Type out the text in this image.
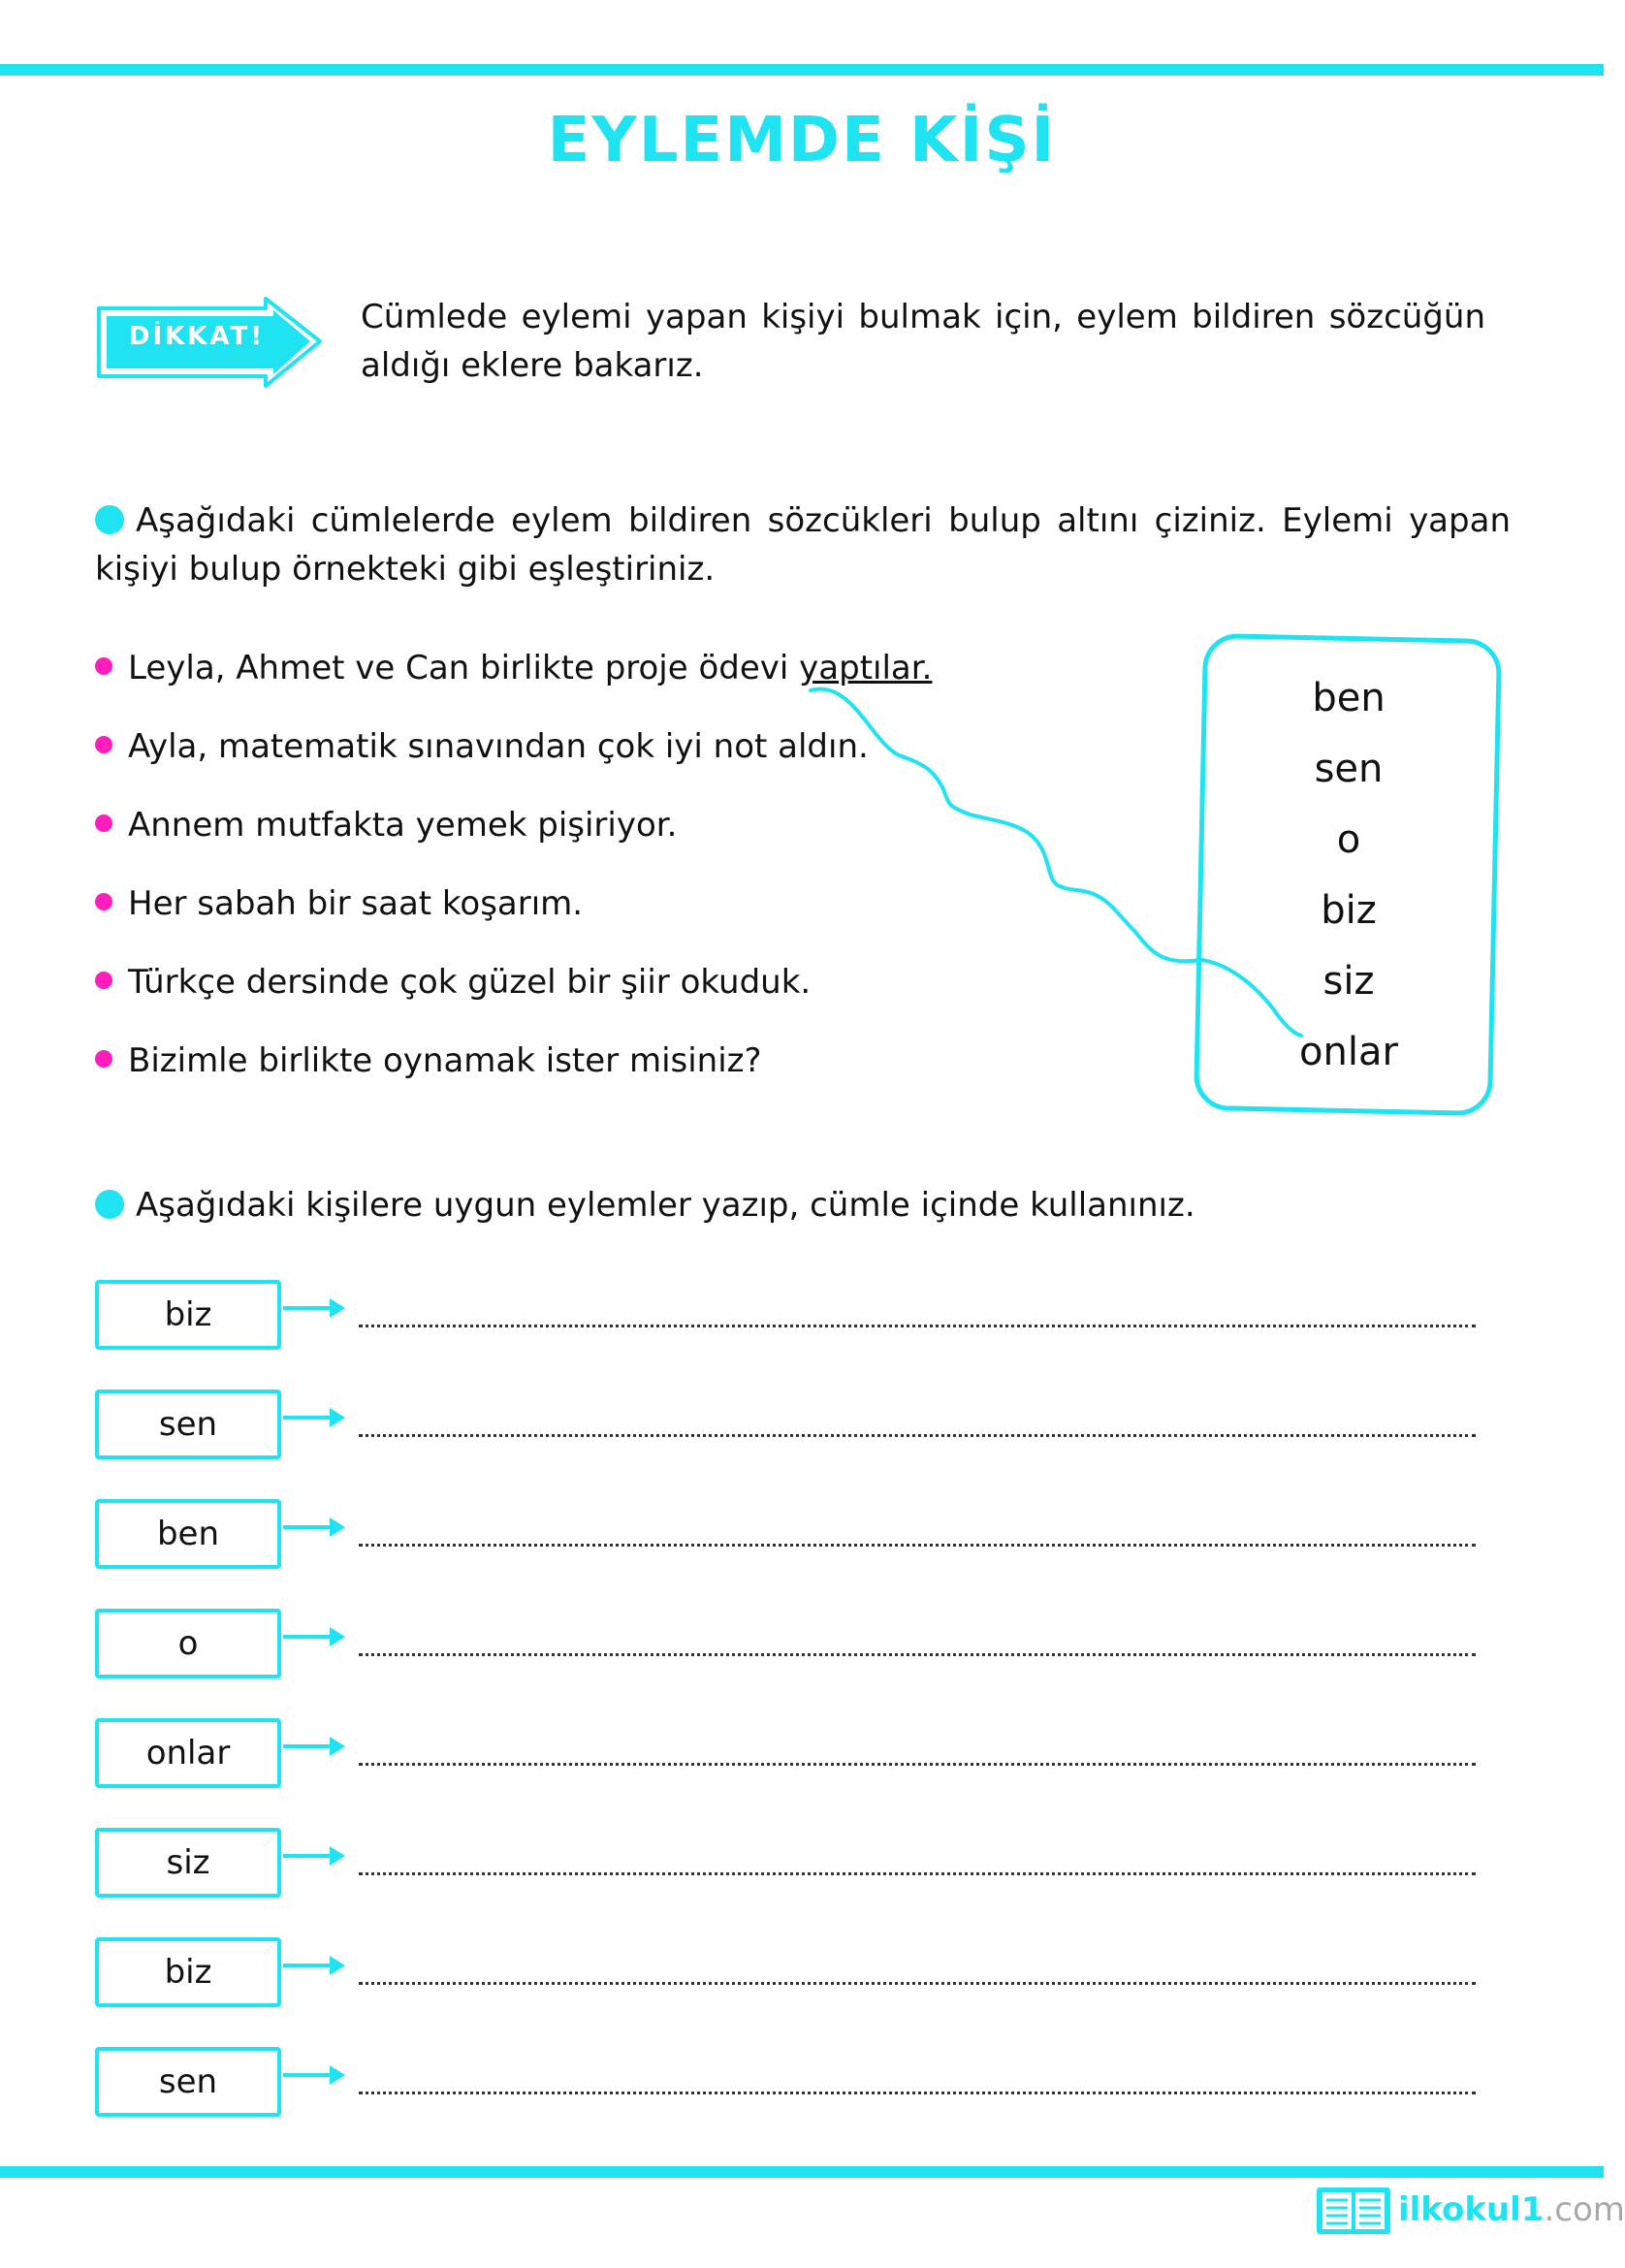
EYLEMDE KİŞİ
DİKKAT!	Cümlede eylemi yapan kişiyi bulmak için, eylem bildiren sözcüğün aldığı eklere bakarız.
Aşağıdaki cümlelerde eylem bildiren sözcükleri bulup altını çiziniz. Eylemi yapan kişiyi bulup örnekteki gibi eşleştiriniz.
Leyla, Ahmet ve Can birlikte proje ödevi yaptılar.
Ayla, matematik sınavından çok iyi not aldın.
Annem mutfakta yemek pişiriyor.
Her sabah bir saat koşarım.
Türkçe dersinde çok güzel bir şiir okuduk.
Bizimle birlikte oynamak ister misiniz?
ben
sen
o
biz
siz
onlar
Aşağıdaki kişilere uygun eylemler yazıp, cümle içinde kullanınız.
biz
sen
ben
o
onlar
siz
biz
sen
ilkokul1.com
